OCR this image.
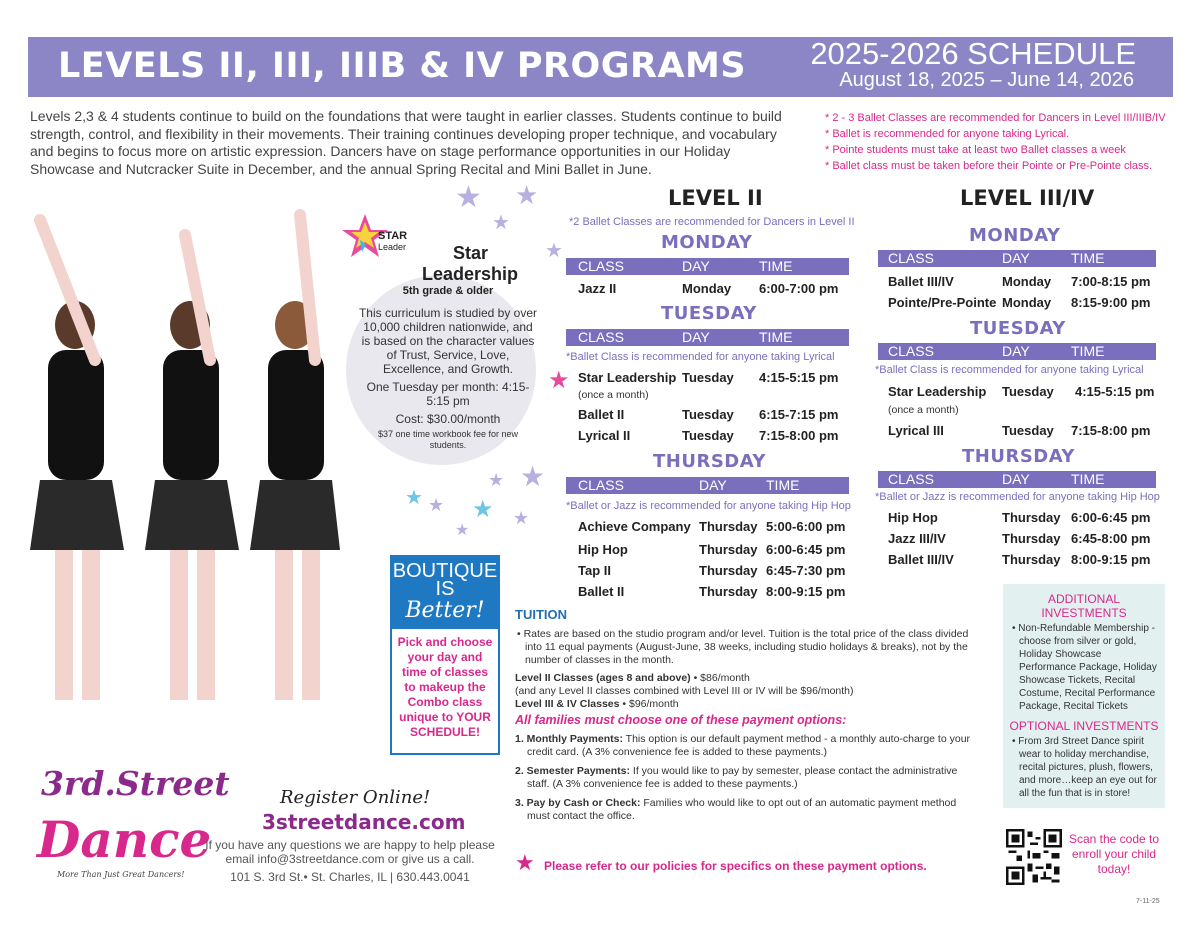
LEVELS II, III, IIIB & IV PROGRAMS 2025-2026 SCHEDULE
August 18, 2025 – June 14, 2026
Levels 2,3 & 4 students continue to build on the foundations that were taught in earlier classes. Students continue to build strength, control, and flexibility in their movements. Their training continues developing proper technique, and vocabulary and begins to focus more on artistic expression. Dancers have on stage performance opportunities in our Holiday Showcase and Nutcracker Suite in December, and the annual Spring Recital and Mini Ballet in June.
* 2 - 3 Ballet Classes are recommended for Dancers in Level III/IIIB/IV
* Ballet is recommended for anyone taking Lyrical.
* Pointe students must take at least two Ballet classes a week
* Ballet class must be taken before their Pointe or Pre-Pointe class.
★ ★
★
★
★
★
★ ★ ★ ★
★
STAR
Leader	Star
Leadership
5th grade & older
This curriculum is studied by over 10,000 children nationwide, and is based on the character values of Trust, Service, Love, Excellence, and Growth.
One Tuesday per month: 4:15-5:15 pm
Cost: $30.00/month
$37 one time workbook fee for new students.
BOUTIQUE
IS
Better!
Pick and choose your day and time of classes to makeup the Combo class unique to YOUR SCHEDULE!
LEVEL II
*2 Ballet Classes are recommended for Dancers in Level II
MONDAY
CLASS	DAY	TIME
Jazz II	Monday 6:00-7:00 pm
TUESDAY
CLASS	DAY	TIME
*Ballet Class is recommended for anyone taking Lyrical
★ Star Leadership Tuesday 4:15-5:15 pm
(once a month)
Ballet II	Tuesday 6:15-7:15 pm
Lyrical II	Tuesday 7:15-8:00 pm
THURSDAY
CLASS	DAY	TIME
*Ballet or Jazz is recommended for anyone taking Hip Hop
Achieve Company Thursday 5:00-6:00 pm
Hip Hop	Thursday 6:00-6:45 pm
Tap II	Thursday 6:45-7:30 pm
Ballet II	Thursday 8:00-9:15 pm
LEVEL III/IV
MONDAY
CLASS	DAY	TIME
Ballet III/IV	Monday 7:00-8:15 pm
Pointe/Pre-Pointe Monday 8:15-9:00 pm
TUESDAY
CLASS	DAY	TIME
*Ballet Class is recommended for anyone taking Lyrical
Star Leadership Tuesday 4:15-5:15 pm
(once a month)
Lyrical III	Tuesday 7:15-8:00 pm
THURSDAY
CLASS	DAY	TIME
*Ballet or Jazz is recommended for anyone taking Hip Hop
Hip Hop	Thursday 6:00-6:45 pm
Jazz III/IV	Thursday 6:45-8:00 pm
Ballet III/IV	Thursday 8:00-9:15 pm
TUITION

• Rates are based on the studio program and/or level. Tuition is the total price of the class divided into 11 equal payments (August-June, 38 weeks, including studio holidays & breaks), not by the number of classes in the month.

Level II Classes (ages 8 and above) • $86/month
(and any Level II classes combined with Level III or IV will be $96/month)
Level III & IV Classes • $96/month
All families must choose one of these payment options:

1. Monthly Payments: This option is our default payment method - a monthly auto-charge to your credit card. (A 3% convenience fee is added to these payments.)

2. Semester Payments: If you would like to pay by semester, please contact the administrative staff. (A 3% convenience fee is added to these payments.)

3. Pay by Cash or Check: Families who would like to opt out of an automatic payment method must contact the office.

★ Please refer to our policies for specifics on these payment options.
ADDITIONAL INVESTMENTS
• Non-Refundable Membership - choose from silver or gold, Holiday Showcase Performance Package, Holiday Showcase Tickets, Recital Costume, Recital Performance Package, Recital Tickets
OPTIONAL INVESTMENTS
• From 3rd Street Dance spirit wear to holiday merchandise, recital pictures, plush, flowers, and more…keep an eye out for all the fun that is in store!
3rd.Street
Dance
More Than Just Great Dancers!
Register Online!
3streetdance.com
If you have any questions we are happy to help please email info@3streetdance.com or give us a call.
101 S. 3rd St.• St. Charles, IL | 630.443.0041
Scan the code to enroll your child today!
7-11-25
